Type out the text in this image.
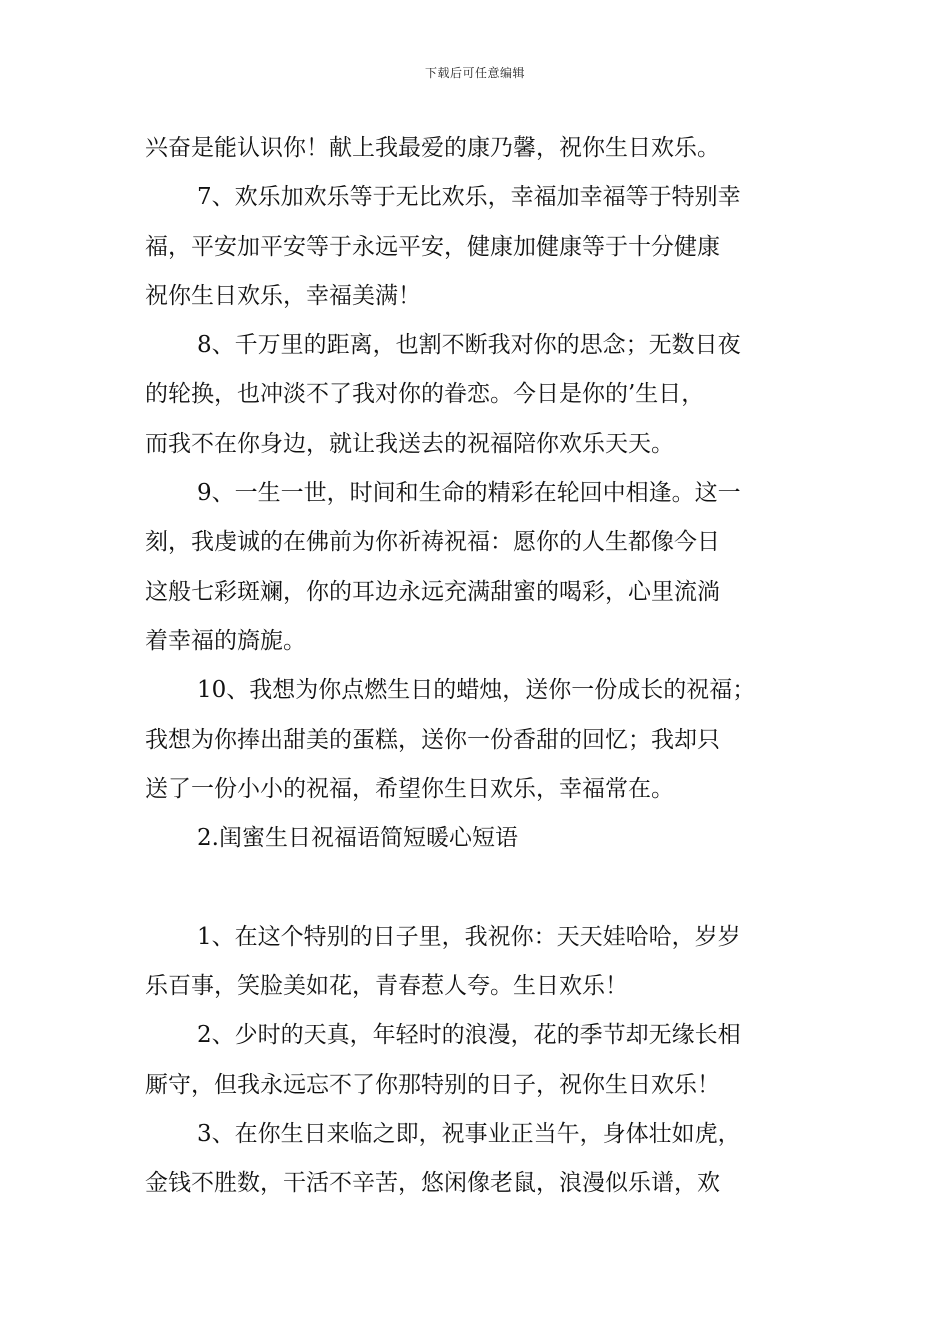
下载后可任意编辑
兴奋是能认识你！献上我最爱的康乃馨，祝你生日欢乐。
7、欢乐加欢乐等于无比欢乐，幸福加幸福等于特别幸
福，平安加平安等于永远平安，健康加健康等于十分健康
祝你生日欢乐，幸福美满！
8、千万里的距离，也割不断我对你的思念；无数日夜
的轮换，也冲淡不了我对你的眷恋。今日是你的’生日，
而我不在你身边，就让我送去的祝福陪你欢乐天天。
9、一生一世，时间和生命的精彩在轮回中相逢。这一
刻，我虔诚的在佛前为你祈祷祝福：愿你的人生都像今日
这般七彩斑斓，你的耳边永远充满甜蜜的喝彩，心里流淌
着幸福的旖旎。
10、我想为你点燃生日的蜡烛，送你一份成长的祝福；
我想为你捧出甜美的蛋糕，送你一份香甜的回忆；我却只
送了一份小小的祝福，希望你生日欢乐，幸福常在。
2.闺蜜生日祝福语简短暖心短语
1、在这个特别的日子里，我祝你：天天娃哈哈，岁岁
乐百事，笑脸美如花，青春惹人夸。生日欢乐！
2、少时的天真，年轻时的浪漫，花的季节却无缘长相
厮守，但我永远忘不了你那特别的日子，祝你生日欢乐！
3、在你生日来临之即，祝事业正当午，身体壮如虎，
金钱不胜数，干活不辛苦，悠闲像老鼠，浪漫似乐谱，欢
